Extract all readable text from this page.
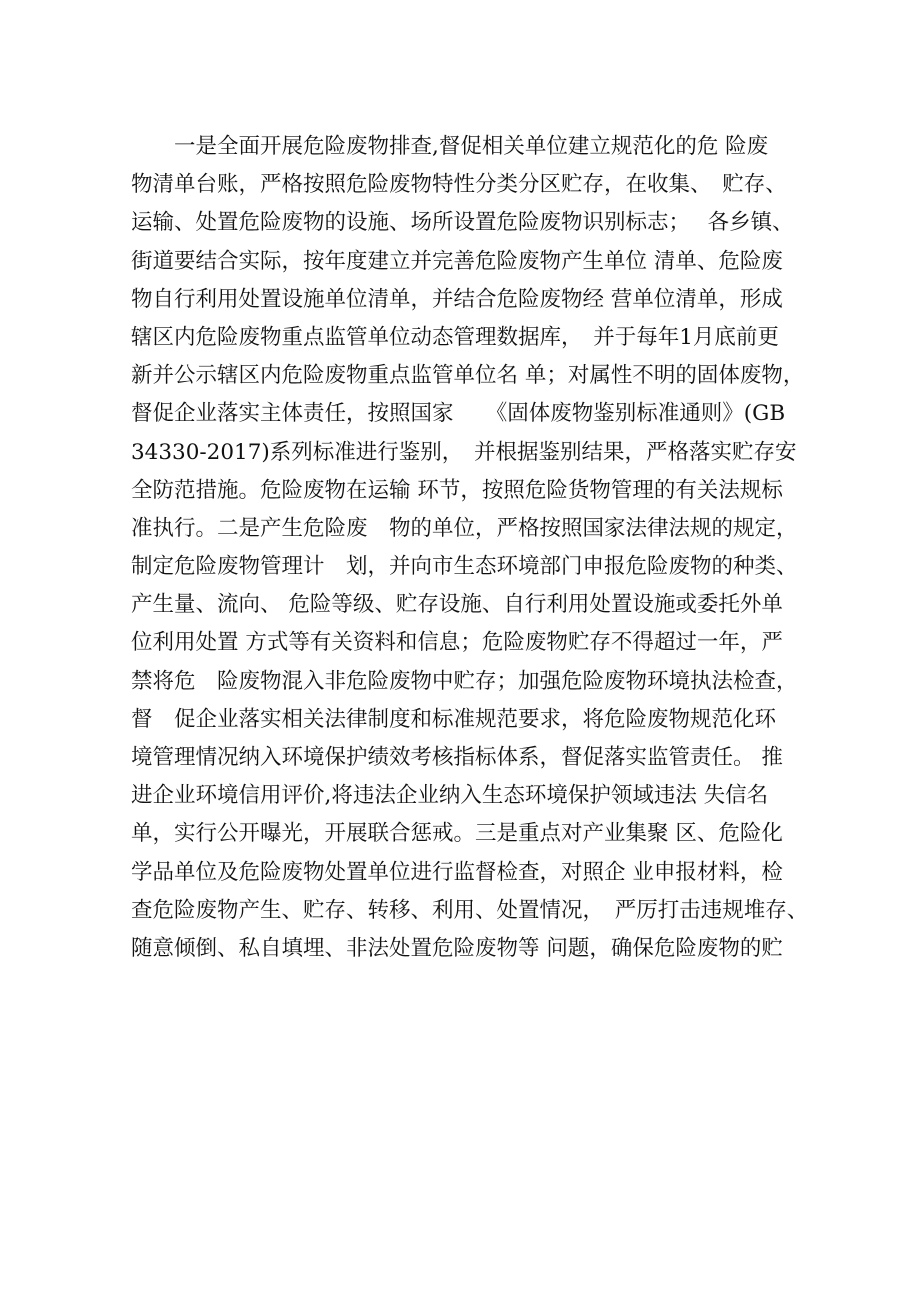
　　一是全面开展危险废物排查,督促相关单位建立规范化的危 险废
物清单台账，严格按照危险废物特性分类分区贮存，在收集、　贮存、
运输、处置危险废物的设施、场所设置危险废物识别标志；　 各乡镇、
街道要结合实际，按年度建立并完善危险废物产生单位 清单、危险废
物自行利用处置设施单位清单，并结合危险废物经 营单位清单，形成
辖区内危险废物重点监管单位动态管理数据库，　并于每年1月底前更
新并公示辖区内危险废物重点监管单位名 单；对属性不明的固体废物，
督促企业落实主体责任，按照国家　　《固体废物鉴别标准通则》(GB
34330-2017)系列标准进行鉴别，　并根据鉴别结果，严格落实贮存安
全防范措施。危险废物在运输 环节，按照危险货物管理的有关法规标
准执行。二是产生危险废　物的单位，严格按照国家法律法规的规定，
制定危险废物管理计　划，并向市生态环境部门申报危险废物的种类、
产生量、流向、 危险等级、贮存设施、自行利用处置设施或委托外单
位利用处置 方式等有关资料和信息；危险废物贮存不得超过一年，严
禁将危　险废物混入非危险废物中贮存；加强危险废物环境执法检查，
督　促企业落实相关法律制度和标准规范要求，将危险废物规范化环
境管理情况纳入环境保护绩效考核指标体系，督促落实监管责任。 推
进企业环境信用评价,将违法企业纳入生态环境保护领域违法 失信名
单，实行公开曝光，开展联合惩戒。三是重点对产业集聚 区、危险化
学品单位及危险废物处置单位进行监督检查，对照企 业申报材料，检
查危险废物产生、贮存、转移、利用、处置情况，　严厉打击违规堆存、
随意倾倒、私自填埋、非法处置危险废物等 问题，确保危险废物的贮
